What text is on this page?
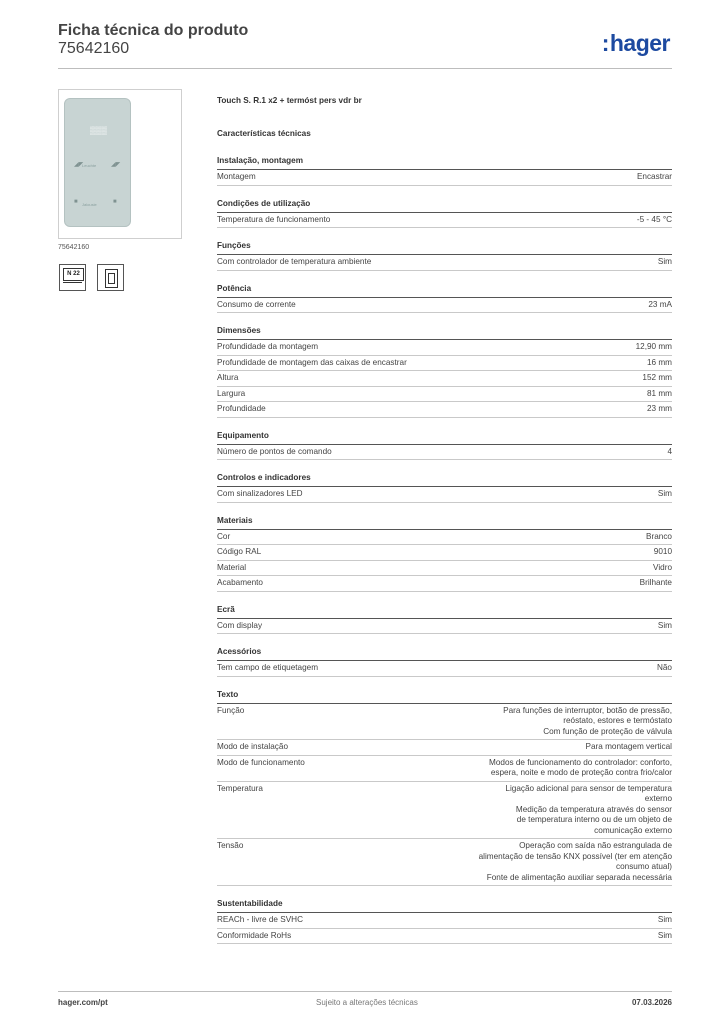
Ficha técnica do produto
75642160	:hager
▒▒▒
◢◤	◢◤
Leuchte
■	■
Jalousie
75642160
N 22
Touch S. R.1 x2 + termóst pers vdr br
Características técnicas
Instalação, montagem
Montagem	Encastrar
Condições de utilização
Temperatura de funcionamento	-5 - 45 °C
Funções
Com controlador de temperatura ambiente	Sim
Potência
Consumo de corrente	23 mA
Dimensões
Profundidade da montagem	12,90 mm
Profundidade de montagem das caixas de encastrar	16 mm
Altura	152 mm
Largura	81 mm
Profundidade	23 mm
Equipamento
Número de pontos de comando	4
Controlos e indicadores
Com sinalizadores LED	Sim
Materiais
Cor	Branco
Código RAL	9010
Material	Vidro
Acabamento	Brilhante
Ecrã
Com display	Sim
Acessórios
Tem campo de etiquetagem	Não
Texto
Função	Para funções de interruptor, botão de pressão,
reóstato, estores e termóstato
Com função de proteção de válvula
Modo de instalação	Para montagem vertical
Modo de funcionamento	Modos de funcionamento do controlador: conforto,
espera, noite e modo de proteção contra frio/calor
Temperatura	Ligação adicional para sensor de temperatura
externo
Medição da temperatura através do sensor
de temperatura interno ou de um objeto de
comunicação externo
Tensão	Operação com saída não estrangulada de
alimentação de tensão KNX possível (ter em atenção
consumo atual)
Fonte de alimentação auxiliar separada necessária
Sustentabilidade
REACh - livre de SVHC	Sim
Conformidade RoHs	Sim
hager.com/pt	Sujeito a alterações técnicas	07.03.2026
